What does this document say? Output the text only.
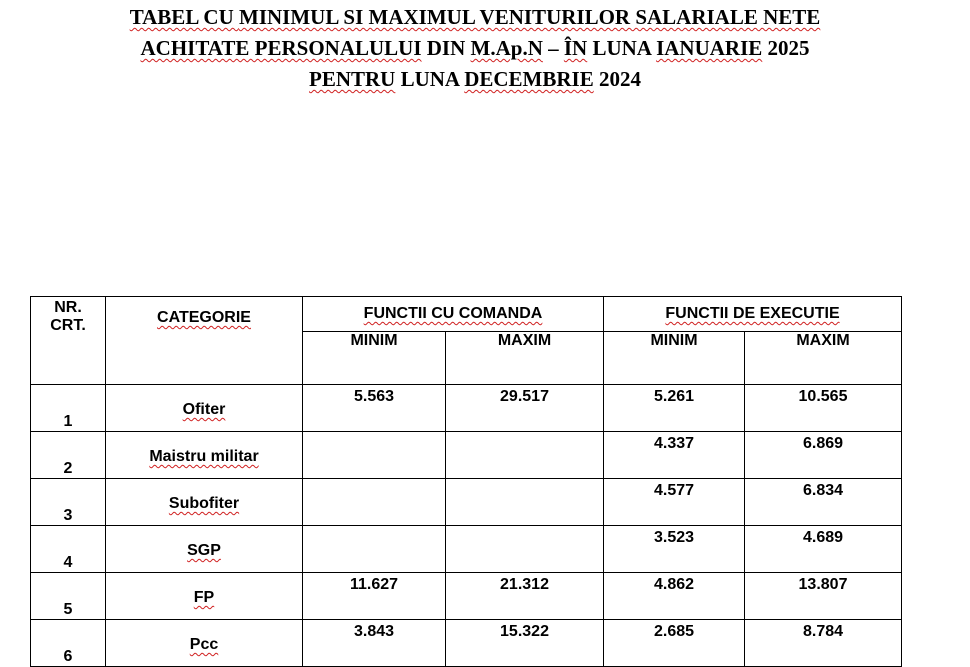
TABEL CU MINIMUL SI MAXIMUL VENITURILOR SALARIALE NETE
ACHITATE PERSONALULUI DIN M.Ap.N – ÎN LUNA IANUARIE 2025
PENTRU LUNA DECEMBRIE 2024
NR.
CRT.	CATEGORIE	FUNCTII CU COMANDA		FUNCTII DE EXECUTIE	
		MINIM	MAXIM	MINIM	MAXIM
1	Ofiter	5.563	29.517	5.261	10.565
2	Maistru militar			4.337	6.869
3	Subofiter			4.577	6.834
4	SGP			3.523	4.689
5	FP	11.627	21.312	4.862	13.807
6	Pcc	3.843	15.322	2.685	8.784
